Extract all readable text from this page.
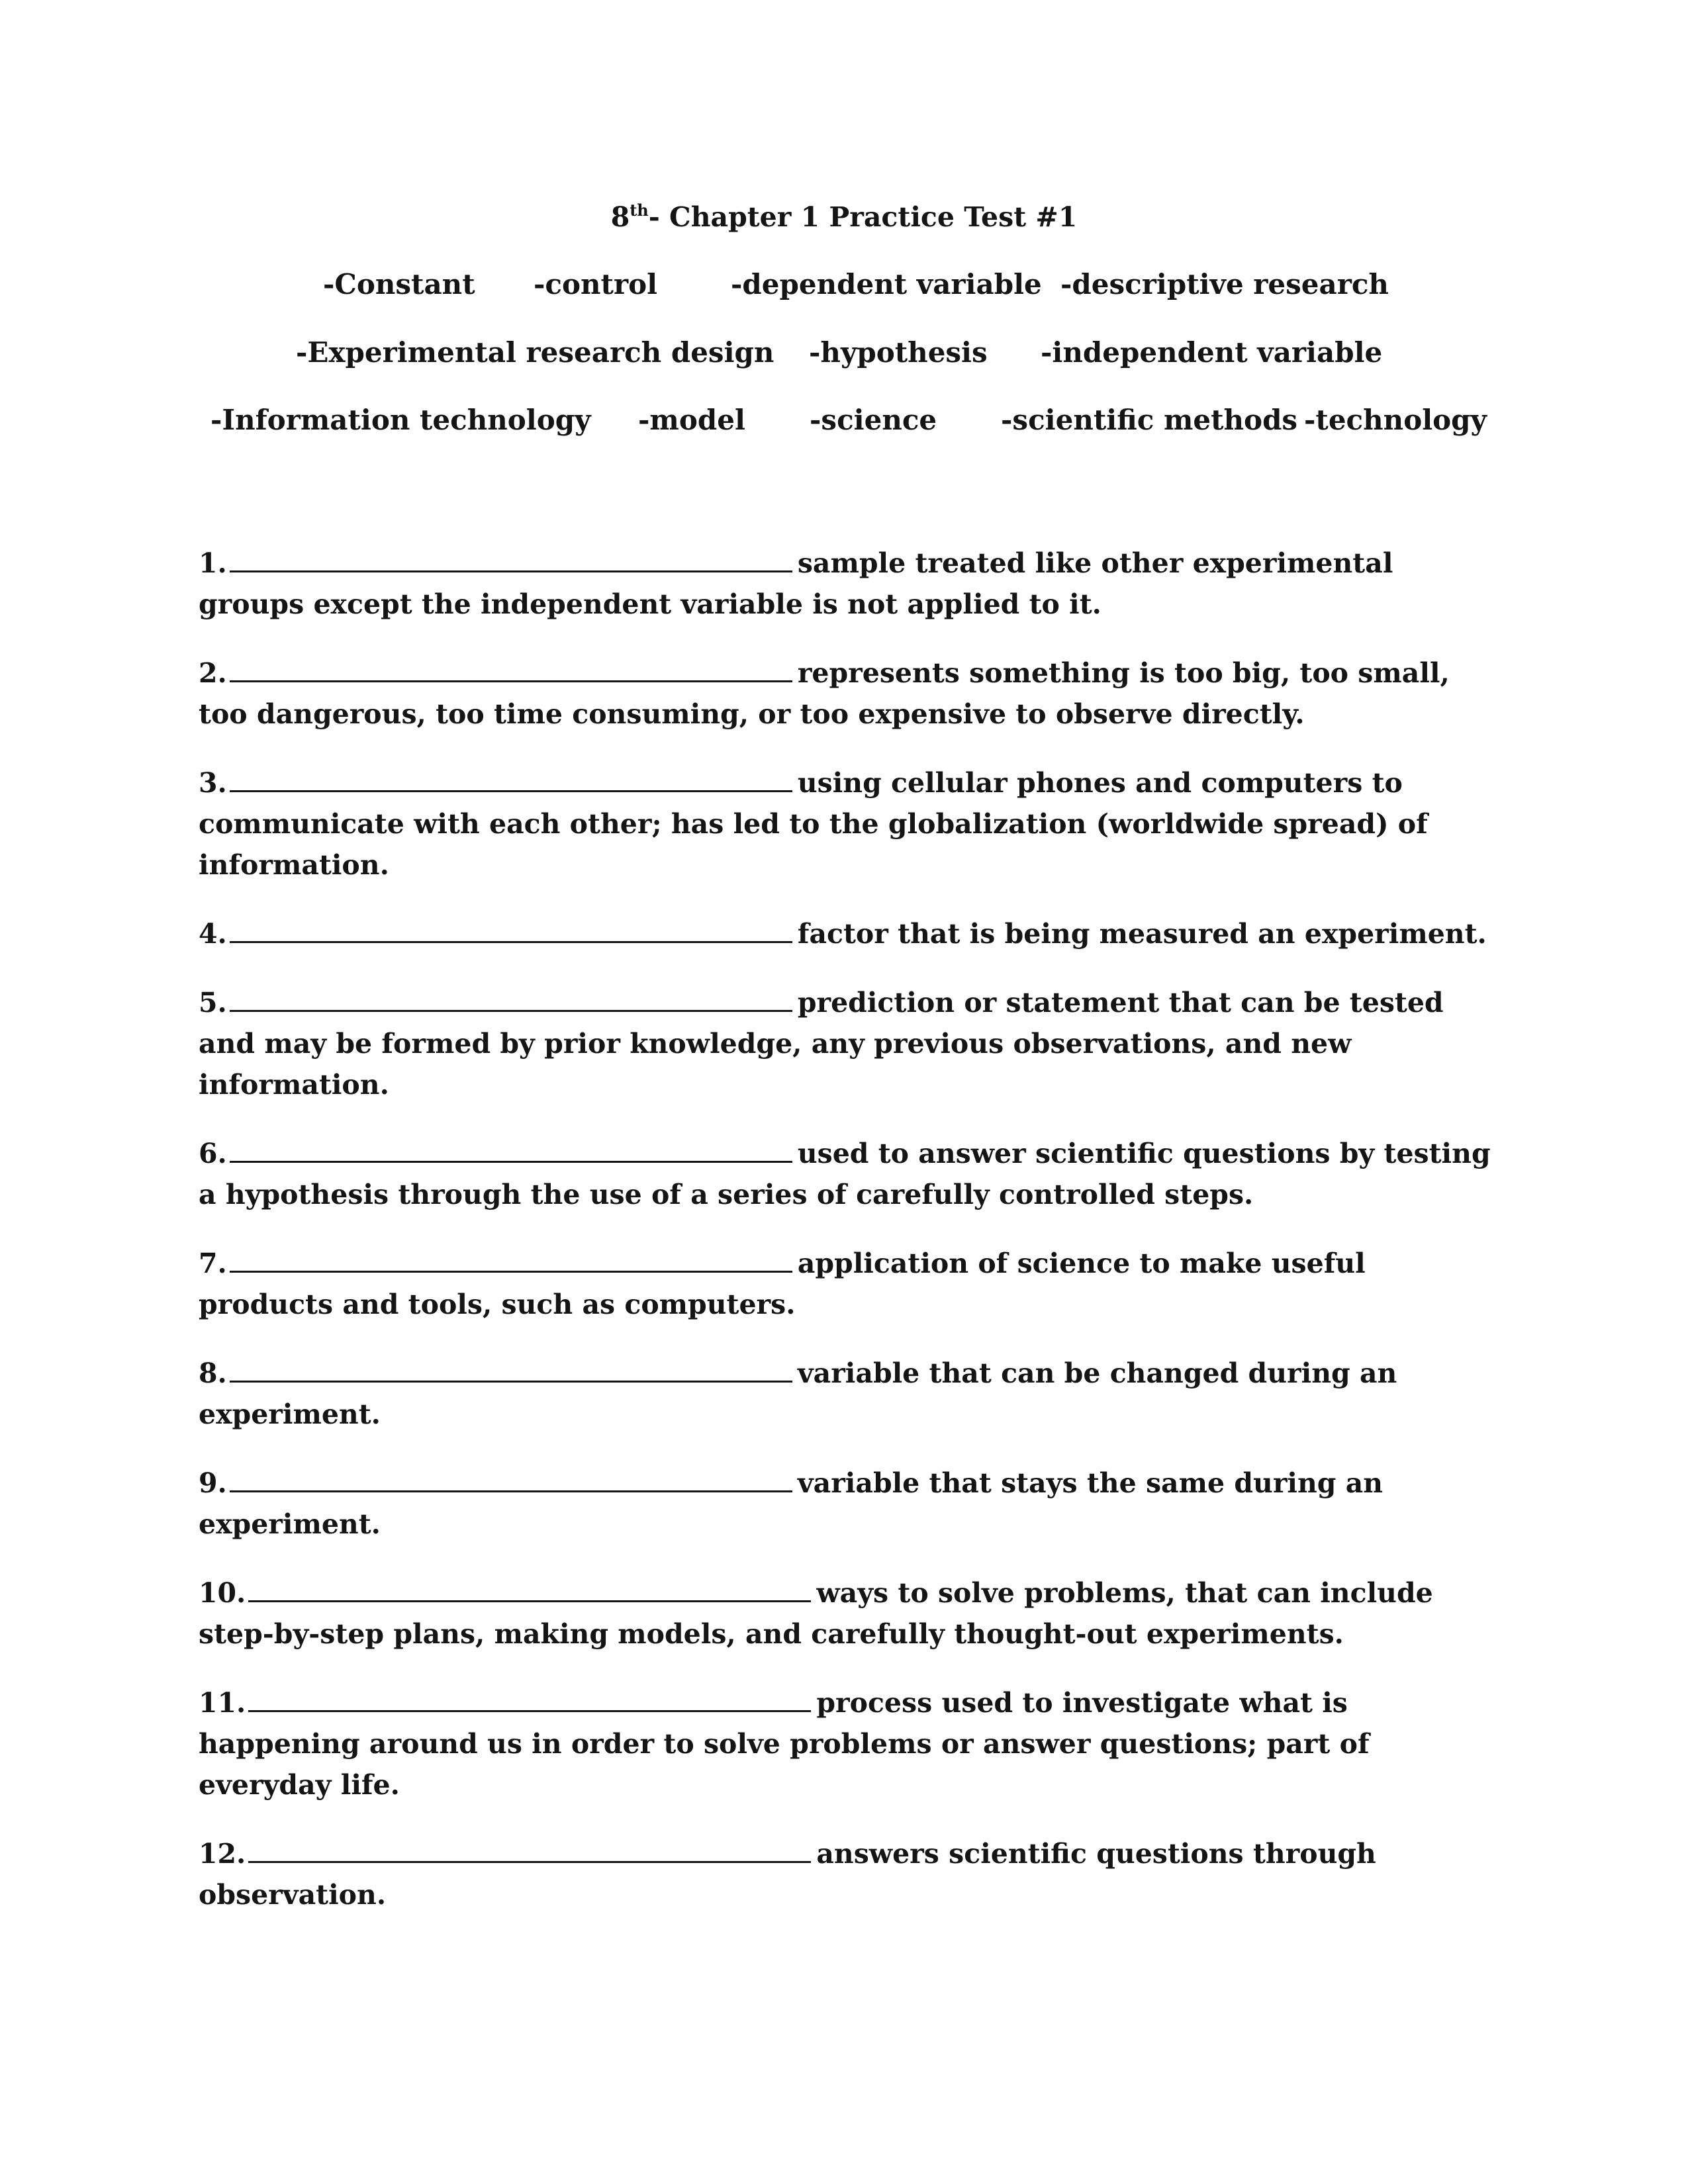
8th- Chapter 1 Practice Test #1
-Constant -control	-dependent variable -descriptive research
-Experimental research design -hypothesis -independent variable
-Information technology -model -science -scientific methods -technology
1.	sample treated like other experimental groups except the independent variable is not applied to it.
2.	represents something is too big, too small, too dangerous, too time consuming, or too expensive to observe directly.
3.	using cellular phones and computers to communicate with each other; has led to the globalization (worldwide spread) of information.
4.	factor that is being measured an experiment.
5.	prediction or statement that can be tested and may be formed by prior knowledge, any previous observations, and new information.
6.	used to answer scientific questions by testing a hypothesis through the use of a series of carefully controlled steps.
7.	application of science to make useful products and tools, such as computers.
8.	variable that can be changed during an experiment.
9.	variable that stays the same during an experiment.
10.	ways to solve problems, that can include step-by-step plans, making models, and carefully thought-out experiments.
11.	process used to investigate what is happening around us in order to solve problems or answer questions; part of everyday life.
12.	answers scientific questions through observation.
